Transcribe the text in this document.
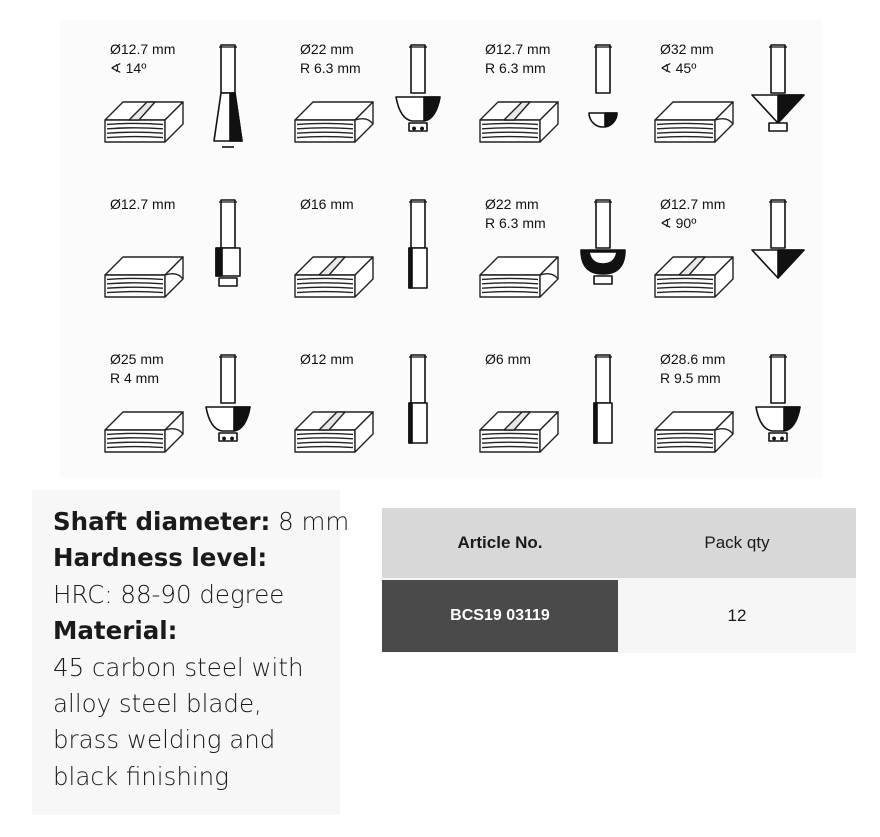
Ø12.7 mm
∢ 14º
Ø22 mm
R 6.3 mm
Ø12.7 mm
R 6.3 mm
Ø32 mm
∢ 45º
Ø12.7 mm	Ø16 mm	Ø22 mm
R 6.3 mm
Ø12.7 mm
∢ 90º
Ø25 mm
R 4 mm
Ø12 mm	Ø6 mm	Ø28.6 mm
R 9.5 mm
Shaft diameter: 8 mm
Hardness level:
HRC: 88-90 degree
Material:
45 carbon steel with
alloy steel blade,
brass welding and
black finishing
Article No.	Pack qty
BCS19 03119	12
